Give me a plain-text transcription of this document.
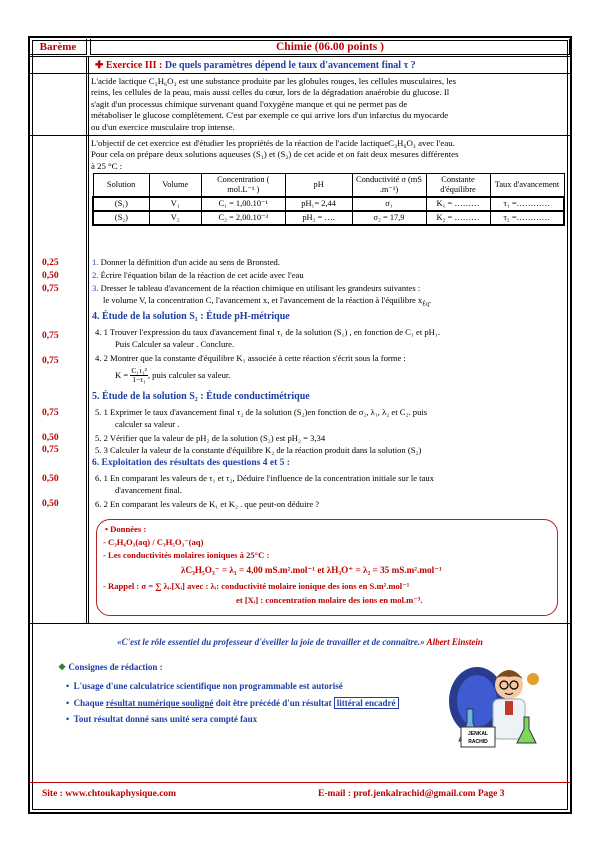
Barème	Chimie (06.00 points )
0,25
0,50
0,75
0,75
0,75
0,75
0,50
0,75
0,50
0,50
✚ Exercice III : De quels paramètres dépend le taux d'avancement final τ ?
L'acide lactique C₃H₆O₃ est une substance produite par les globules rouges, les cellules musculaires, les
reins, les cellules de la peau, mais aussi celles du cœur, lors de la dégradation anaérobie du glucose. Il
s'agit d'un processus chimique survenant quand l'oxygène manque et qui ne permet pas de
métaboliser le glucose complètement. C'est par exemple ce qui arrive lors d'un infarctus du myocarde
ou d'un exercice musculaire trop intense.
L'objectif de cet exercice est d'étudier les propriétés de la réaction de l'acide lactiqueC₃H₆O₃ avec l'eau.
Pour cela on prépare deux solutions aqueuses (S₁) et (S₂) de cet acide et on fait deux mesures différentes
à 25 °C :
Solution	Volume	Concentration ( mol.L⁻¹ )	pH	Conductivité σ (mS .m⁻¹)	Constante d'équilibre	Taux d'avancement
(S₁)	V₁	C₁ = 1,00.10⁻¹	pH₁= 2,44	σ₁	K₁ = ………	τ₁ =…………
(S₂)	V₂	C₂ = 2,00.10⁻³	pH₂ = ….	σ₂ = 17,9	K₂ = ………	τ₂ =…………
1. Donner la définition d'un acide au sens de Bronsted.
2. Écrire l'équation bilan de la réaction de cet acide avec l'eau
3. Dresser le tableau d'avancement de la réaction chimique en utilisant les grandeurs suivantes :
le volume V, la concentration C, l'avancement x, et l'avancement de la réaction à l'équilibre $x_{Éq}$.
4. Étude de la solution S₁ : Étude pH-métrique
4. 1 Trouver l'expression du taux d'avancement final τ₁ de la solution (S₁) , en fonction de C₁ et pH₁.
Puis Calculer sa valeur . Conclure.
4. 2 Montrer que la constante d'équilibre K₁ associée à cette réaction s'écrit sous la forme :
$K = \frac{\text{C₁τ₁²}}{\text{1−τ₁}}$ , puis calculer sa valeur.
5. Étude de la solution S₂ : Étude conductimétrique
5. 1 Exprimer le taux d'avancement final τ₂ de la solution (S₂)en fonction de σ₂, λ₁, λ₂ et C₂. puis
calculer sa valeur .
5. 2 Vérifier que la valeur de pH₂ de la solution (S₂) est pH₂ = 3,34
5. 3 Calculer la valeur de la constante d'équilibre K₂ de la réaction produit dans la solution (S₂)
6. Exploitation des résultats des questions 4 et 5 :
6. 1 En comparant les valeurs de τ₁ et τ₂, Déduire l'influence de la concentration initiale sur le taux
d'avancement final.
6. 2 En comparant les valeurs de K₁ et K₂ . que peut-on déduire ?
• Données :
- C₃H₆O₃(aq) / C₃H₅O₃⁻(aq)
- Les conductivités molaires ioniques à 25°C :
λC₃H₅O₃⁻ = λ₁ = 4,00 mS.m².mol⁻¹ et λH₃O⁺ = λ₂ = 35 mS.m².mol⁻¹
- Rappel : σ = ∑ λᵢ.[Xᵢ] avec : λᵢ: conductivité molaire ionique des ions en S.m².mol⁻¹
et [Xᵢ] : concentration molaire des ions en mol.m⁻³.
«C'est le rôle essentiel du professeur d'éveiller la joie de travailler et de connaître.» Albert Einstein
❖ Consignes de rédaction :
•  L'usage d'une calculatrice scientifique non programmable est autorisé
•  Chaque résultat numérique souligné doit être précédé d'un résultat littéral encadré
•  Tout résultat donné sans unité sera compté faux
JENKAL
RACHID
Site : www.chtoukaphysique.com	E-mail : prof.jenkalrachid@gmail.com Page 3
